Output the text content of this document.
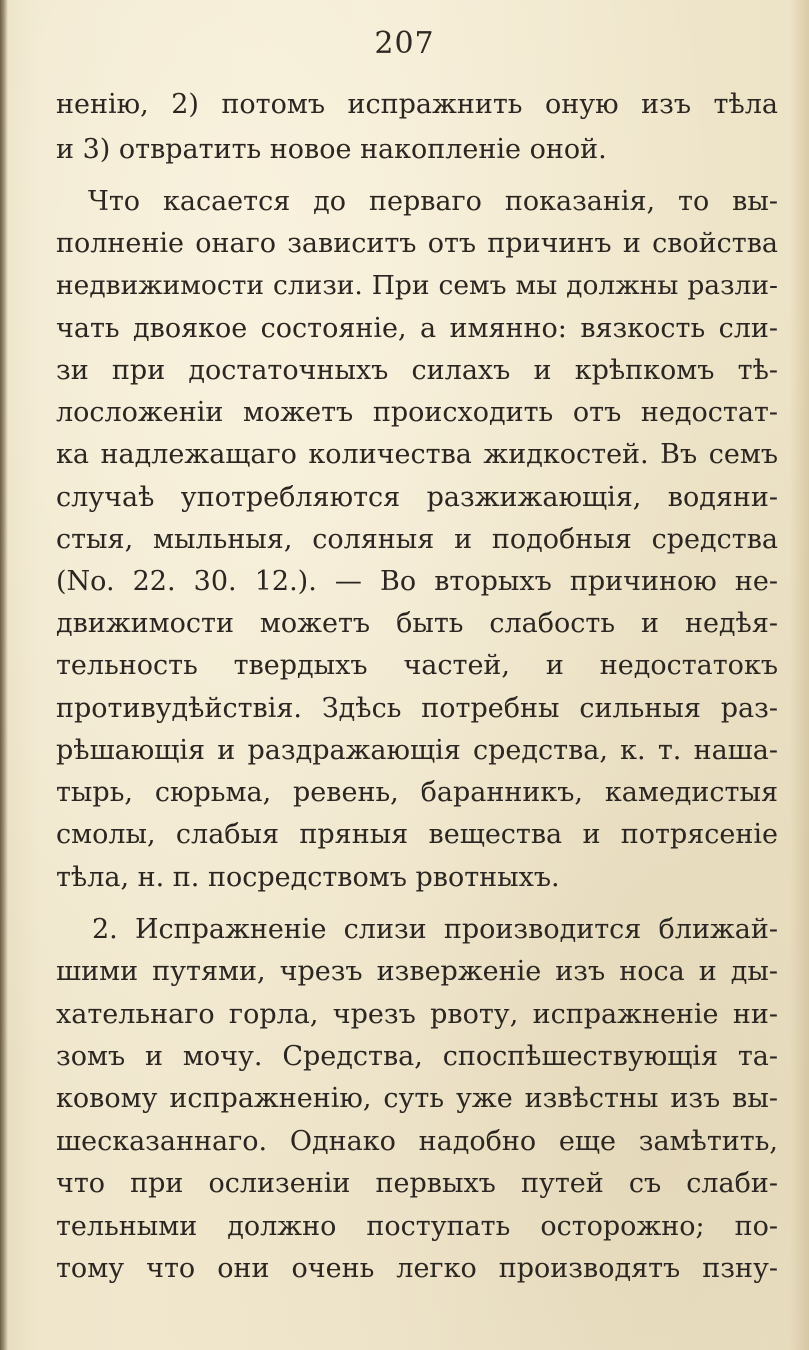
207
ненію, 2) потомъ испражнить оную изъ тѣла
и 3) отвратить новое накопленіе оной.
Что касается до перваго показанія, то вы-
полненіе онаго зависитъ отъ причинъ и свойства
недвижимости слизи. При семъ мы должны разли-
чать двоякое состояніе, а имянно: вязкость сли-
зи при достаточныхъ силахъ и крѣпкомъ тѣ-
лосложеніи можетъ происходить отъ недостат-
ка надлежащаго количества жидкостей. Въ семъ
случаѣ употребляются разжижающія, водяни-
стыя, мыльныя, соляныя и подобныя средства
(No. 22. 30. 12.). — Во вторыхъ причиною не-
движимости можетъ быть слабость и недѣя-
тельность твердыхъ частей, и недостатокъ
противудѣйствія. Здѣсь потребны сильныя раз-
рѣшающія и раздражающія средства, к. т. наша-
тырь, сюрьма, ревень, баранникъ, камедистыя
смолы, слабыя пряныя вещества и потрясеніе
тѣла, н. п. посредствомъ рвотныхъ.
2. Испражненіе слизи производится ближай-
шими путями, чрезъ изверженіе изъ носа и ды-
хательнаго горла, чрезъ рвоту, испражненіе ни-
зомъ и мочу. Средства, споспѣшествующія та-
ковому испражненію, суть уже извѣстны изъ вы-
шесказаннаго. Однако надобно еще замѣтить,
что при ослизеніи первыхъ путей съ слаби-
тельными должно поступать осторожно; по-
тому что они очень легко производятъ пзну-
